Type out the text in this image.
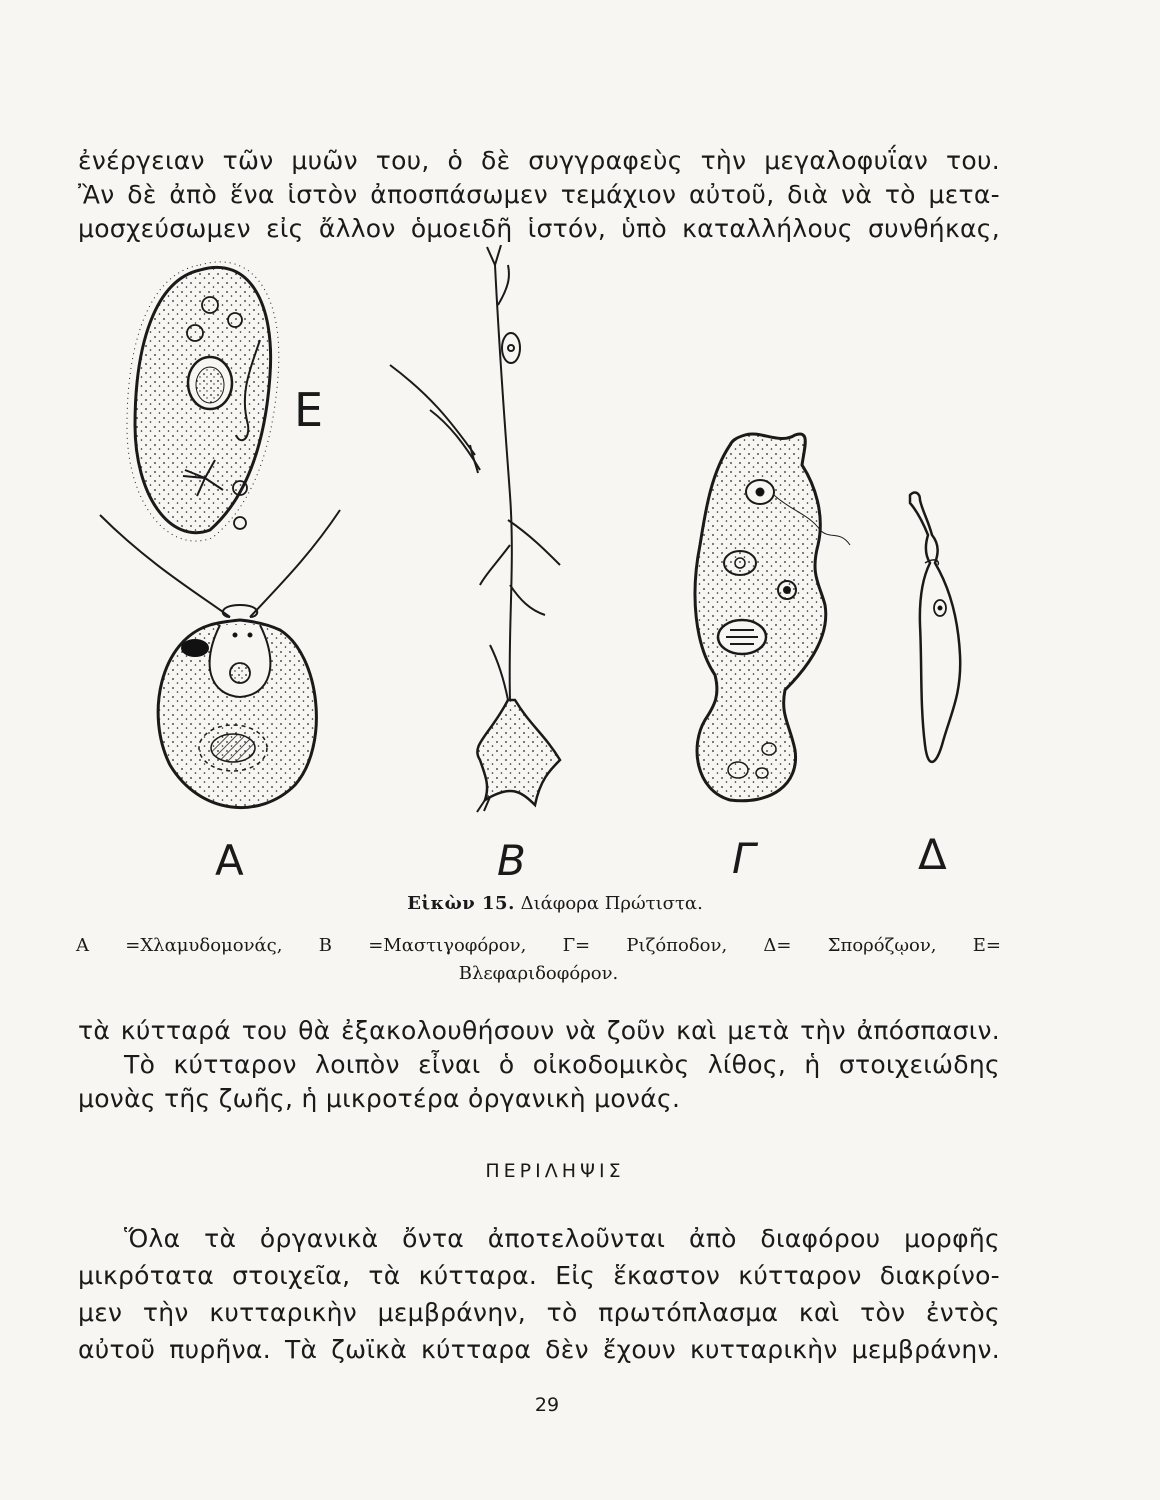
ἐνέργειαν τῶν μυῶν του, ὁ δὲ συγγραφεὺς τὴν μεγαλοφυΐαν του.
Ἂν δὲ ἀπὸ ἕνα ἱστὸν ἀποσπάσωμεν τεμάχιον αὐτοῦ, διὰ νὰ τὸ μετα-
μοσχεύσωμεν εἰς ἄλλον ὁμοειδῆ ἱστόν, ὑπὸ καταλλήλους συνθήκας,

Α	Β	Γ	Δ
Ε
Εἰκὼν 15. Διάφορα Πρώτιστα.
Α =Χλαμυδομονάς, Β =Μαστιγοφόρον, Γ= Ριζόποδον, Δ= Σπορόζῳον, Ε=
Βλεφαριδοφόρον.

τὰ κύτταρά του θὰ ἐξακολουθήσουν νὰ ζοῦν καὶ μετὰ τὴν ἀπόσπασιν.
Τὸ κύτταρον λοιπὸν εἶναι ὁ οἰκοδομικὸς λίθος, ἡ στοιχειώδης
μονὰς τῆς ζωῆς, ἡ μικροτέρα ὀργανικὴ μονάς.

ΠΕΡΙΛΗΨΙΣ

Ὅλα τὰ ὀργανικὰ ὄντα ἀποτελοῦνται ἀπὸ διαφόρου μορφῆς
μικρότατα στοιχεῖα, τὰ κύτταρα. Εἰς ἕκαστον κύτταρον διακρίνο-
μεν τὴν κυτταρικὴν μεμβράνην, τὸ πρωτόπλασμα καὶ τὸν ἐντὸς
αὐτοῦ πυρῆνα. Τὰ ζωϊκὰ κύτταρα δὲν ἔχουν κυτταρικὴν μεμβράνην.

29
